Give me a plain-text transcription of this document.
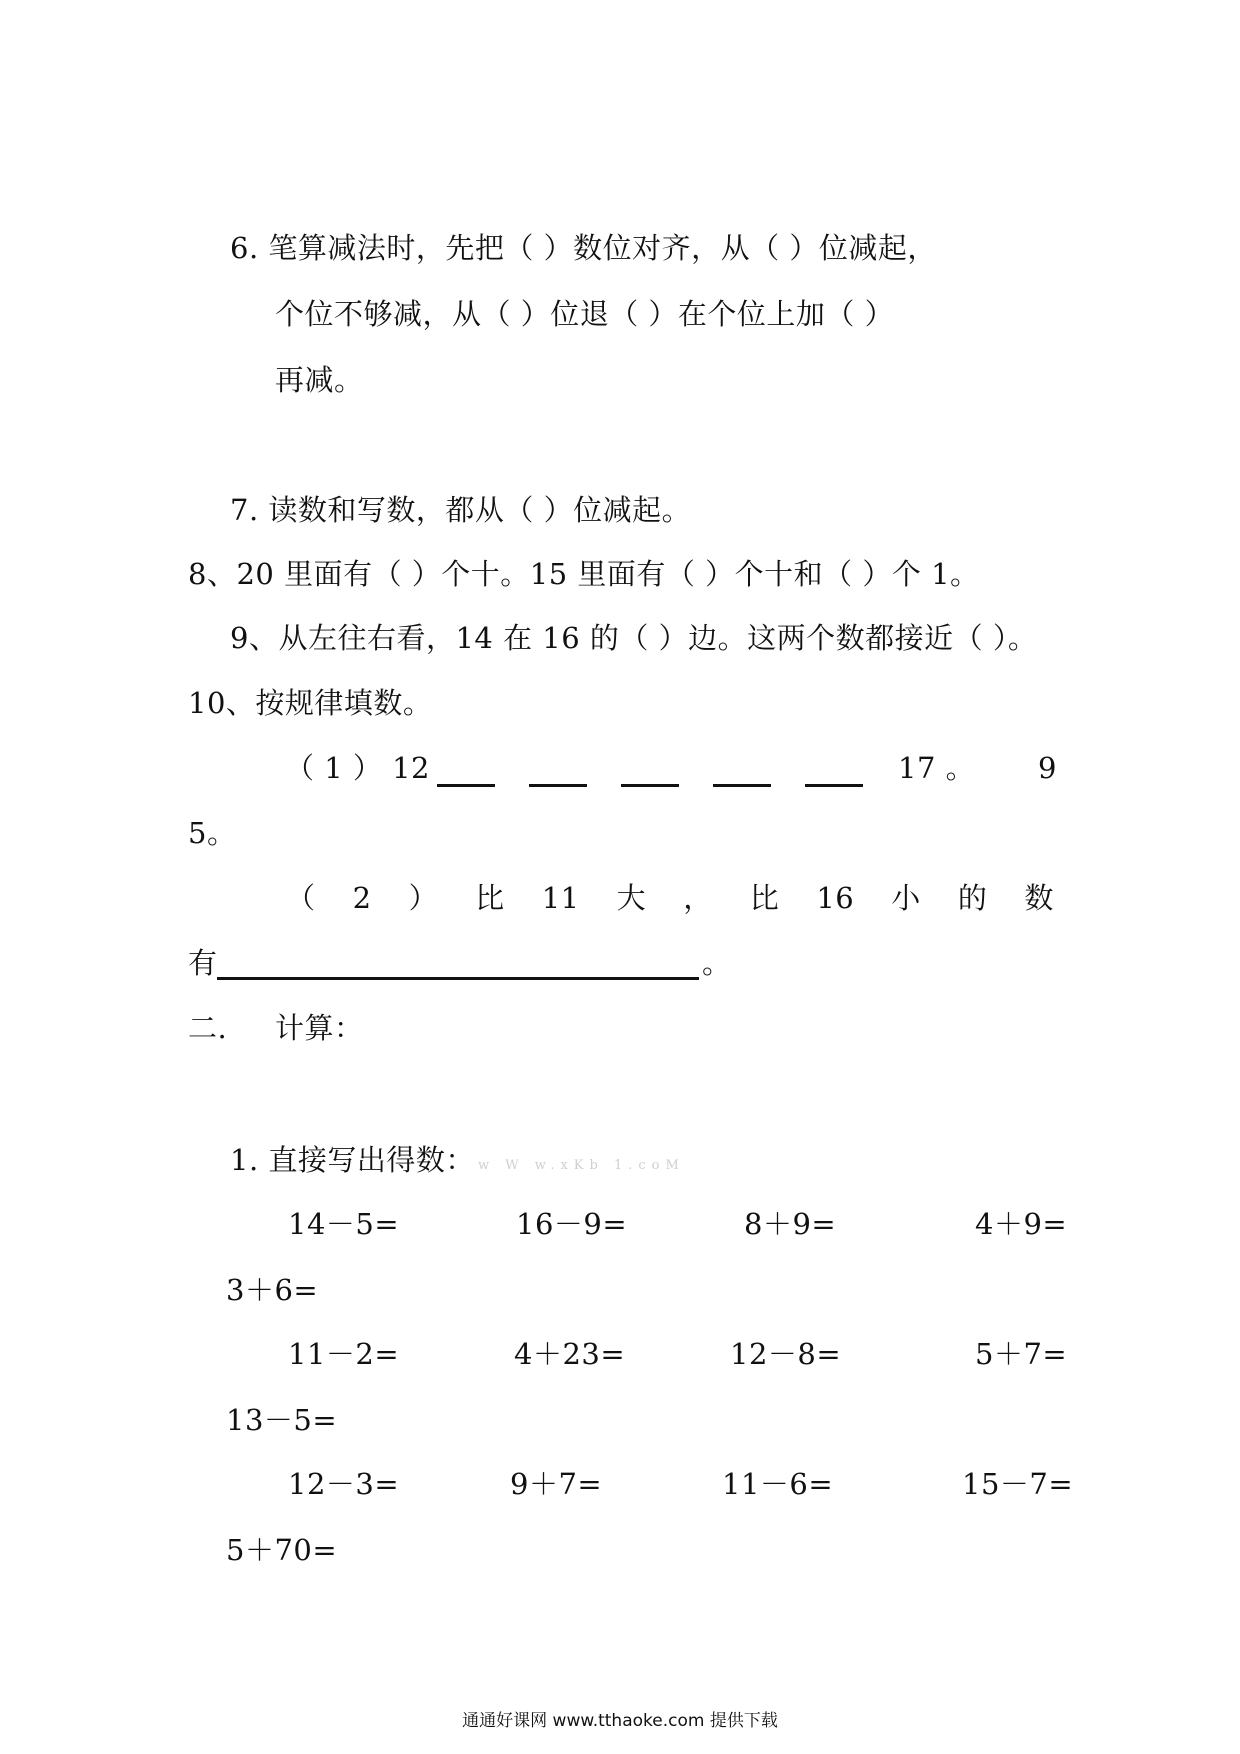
6. 笔算减法时，先把（ ）数位对齐，从（ ）位减起，
个位不够减，从（ ）位退（ ）在个位上加（ ）
再减。
7. 读数和写数，都从（ ）位减起。
8、20 里面有（ ）个十。15 里面有（ ）个十和（ ）个 1。
9、从左往右看，14 在 16 的（ ）边。这两个数都接近（ ）。
10、按规律填数。
（ 1 ） 12	17 。 9
5。
（ 2 ） 比 11 大 ， 比 16 小 的 数
有	。
二. 计算：
1. 直接写出得数： w W w.xKb 1.coM
14－5=	16－9=	8＋9=	4＋9=
3＋6=
11－2=	4＋23=	12－8=	5＋7=
13－5=
12－3=	9＋7=	11－6=	15－7=
5＋70=
通通好课网 www.tthaoke.com 提供下载
